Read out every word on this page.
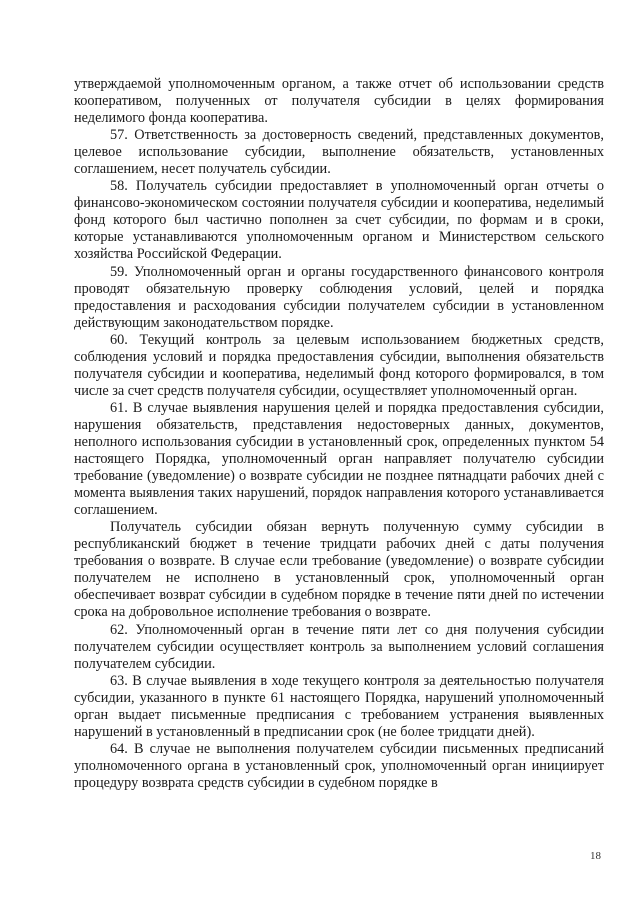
утверждаемой уполномоченным органом, а также отчет об использовании средств кооперативом, полученных от получателя субсидии в целях формирования неделимого фонда кооператива.

57. Ответственность за достоверность сведений, представленных документов, целевое использование субсидии, выполнение обязательств, установленных соглашением, несет получатель субсидии.

58. Получатель субсидии предоставляет в уполномоченный орган отчеты о финансово-экономическом состоянии получателя субсидии и кооператива, неделимый фонд которого был частично пополнен за счет субсидии, по формам и в сроки, которые устанавливаются уполномоченным органом и Министерством сельского хозяйства Российской Федерации.

59. Уполномоченный орган и органы государственного финансового контроля проводят обязательную проверку соблюдения условий, целей и порядка предоставления и расходования субсидии получателем субсидии в установленном действующим законодательством порядке.

60. Текущий контроль за целевым использованием бюджетных средств, соблюдения условий и порядка предоставления субсидии, выполнения обязательств получателя субсидии и кооператива, неделимый фонд которого формировался, в том числе за счет средств получателя субсидии, осуществляет уполномоченный орган.

61. В случае выявления нарушения целей и порядка предоставления субсидии, нарушения обязательств, представления недостоверных данных, документов, неполного использования субсидии в установленный срок, определенных пунктом 54 настоящего Порядка, уполномоченный орган направляет получателю субсидии требование (уведомление) о возврате субсидии не позднее пятнадцати рабочих дней с момента выявления таких нарушений, порядок направления которого устанавливается соглашением.

Получатель субсидии обязан вернуть полученную сумму субсидии в республиканский бюджет в течение тридцати рабочих дней с даты получения требования о возврате. В случае если требование (уведомление) о возврате субсидии получателем не исполнено в установленный срок, уполномоченный орган обеспечивает возврат субсидии в судебном порядке в течение пяти дней по истечении срока на добровольное исполнение требования о возврате.

62. Уполномоченный орган в течение пяти лет со дня получения субсидии получателем субсидии осуществляет контроль за выполнением условий соглашения получателем субсидии.

63. В случае выявления в ходе текущего контроля за деятельностью получателя субсидии, указанного в пункте 61 настоящего Порядка, нарушений уполномоченный орган выдает письменные предписания с требованием устранения выявленных нарушений в установленный в предписании срок (не более тридцати дней).

64. В случае не выполнения получателем субсидии письменных предписаний уполномоченного органа в установленный срок, уполномоченный орган инициирует процедуру возврата средств субсидии в судебном порядке в

18
